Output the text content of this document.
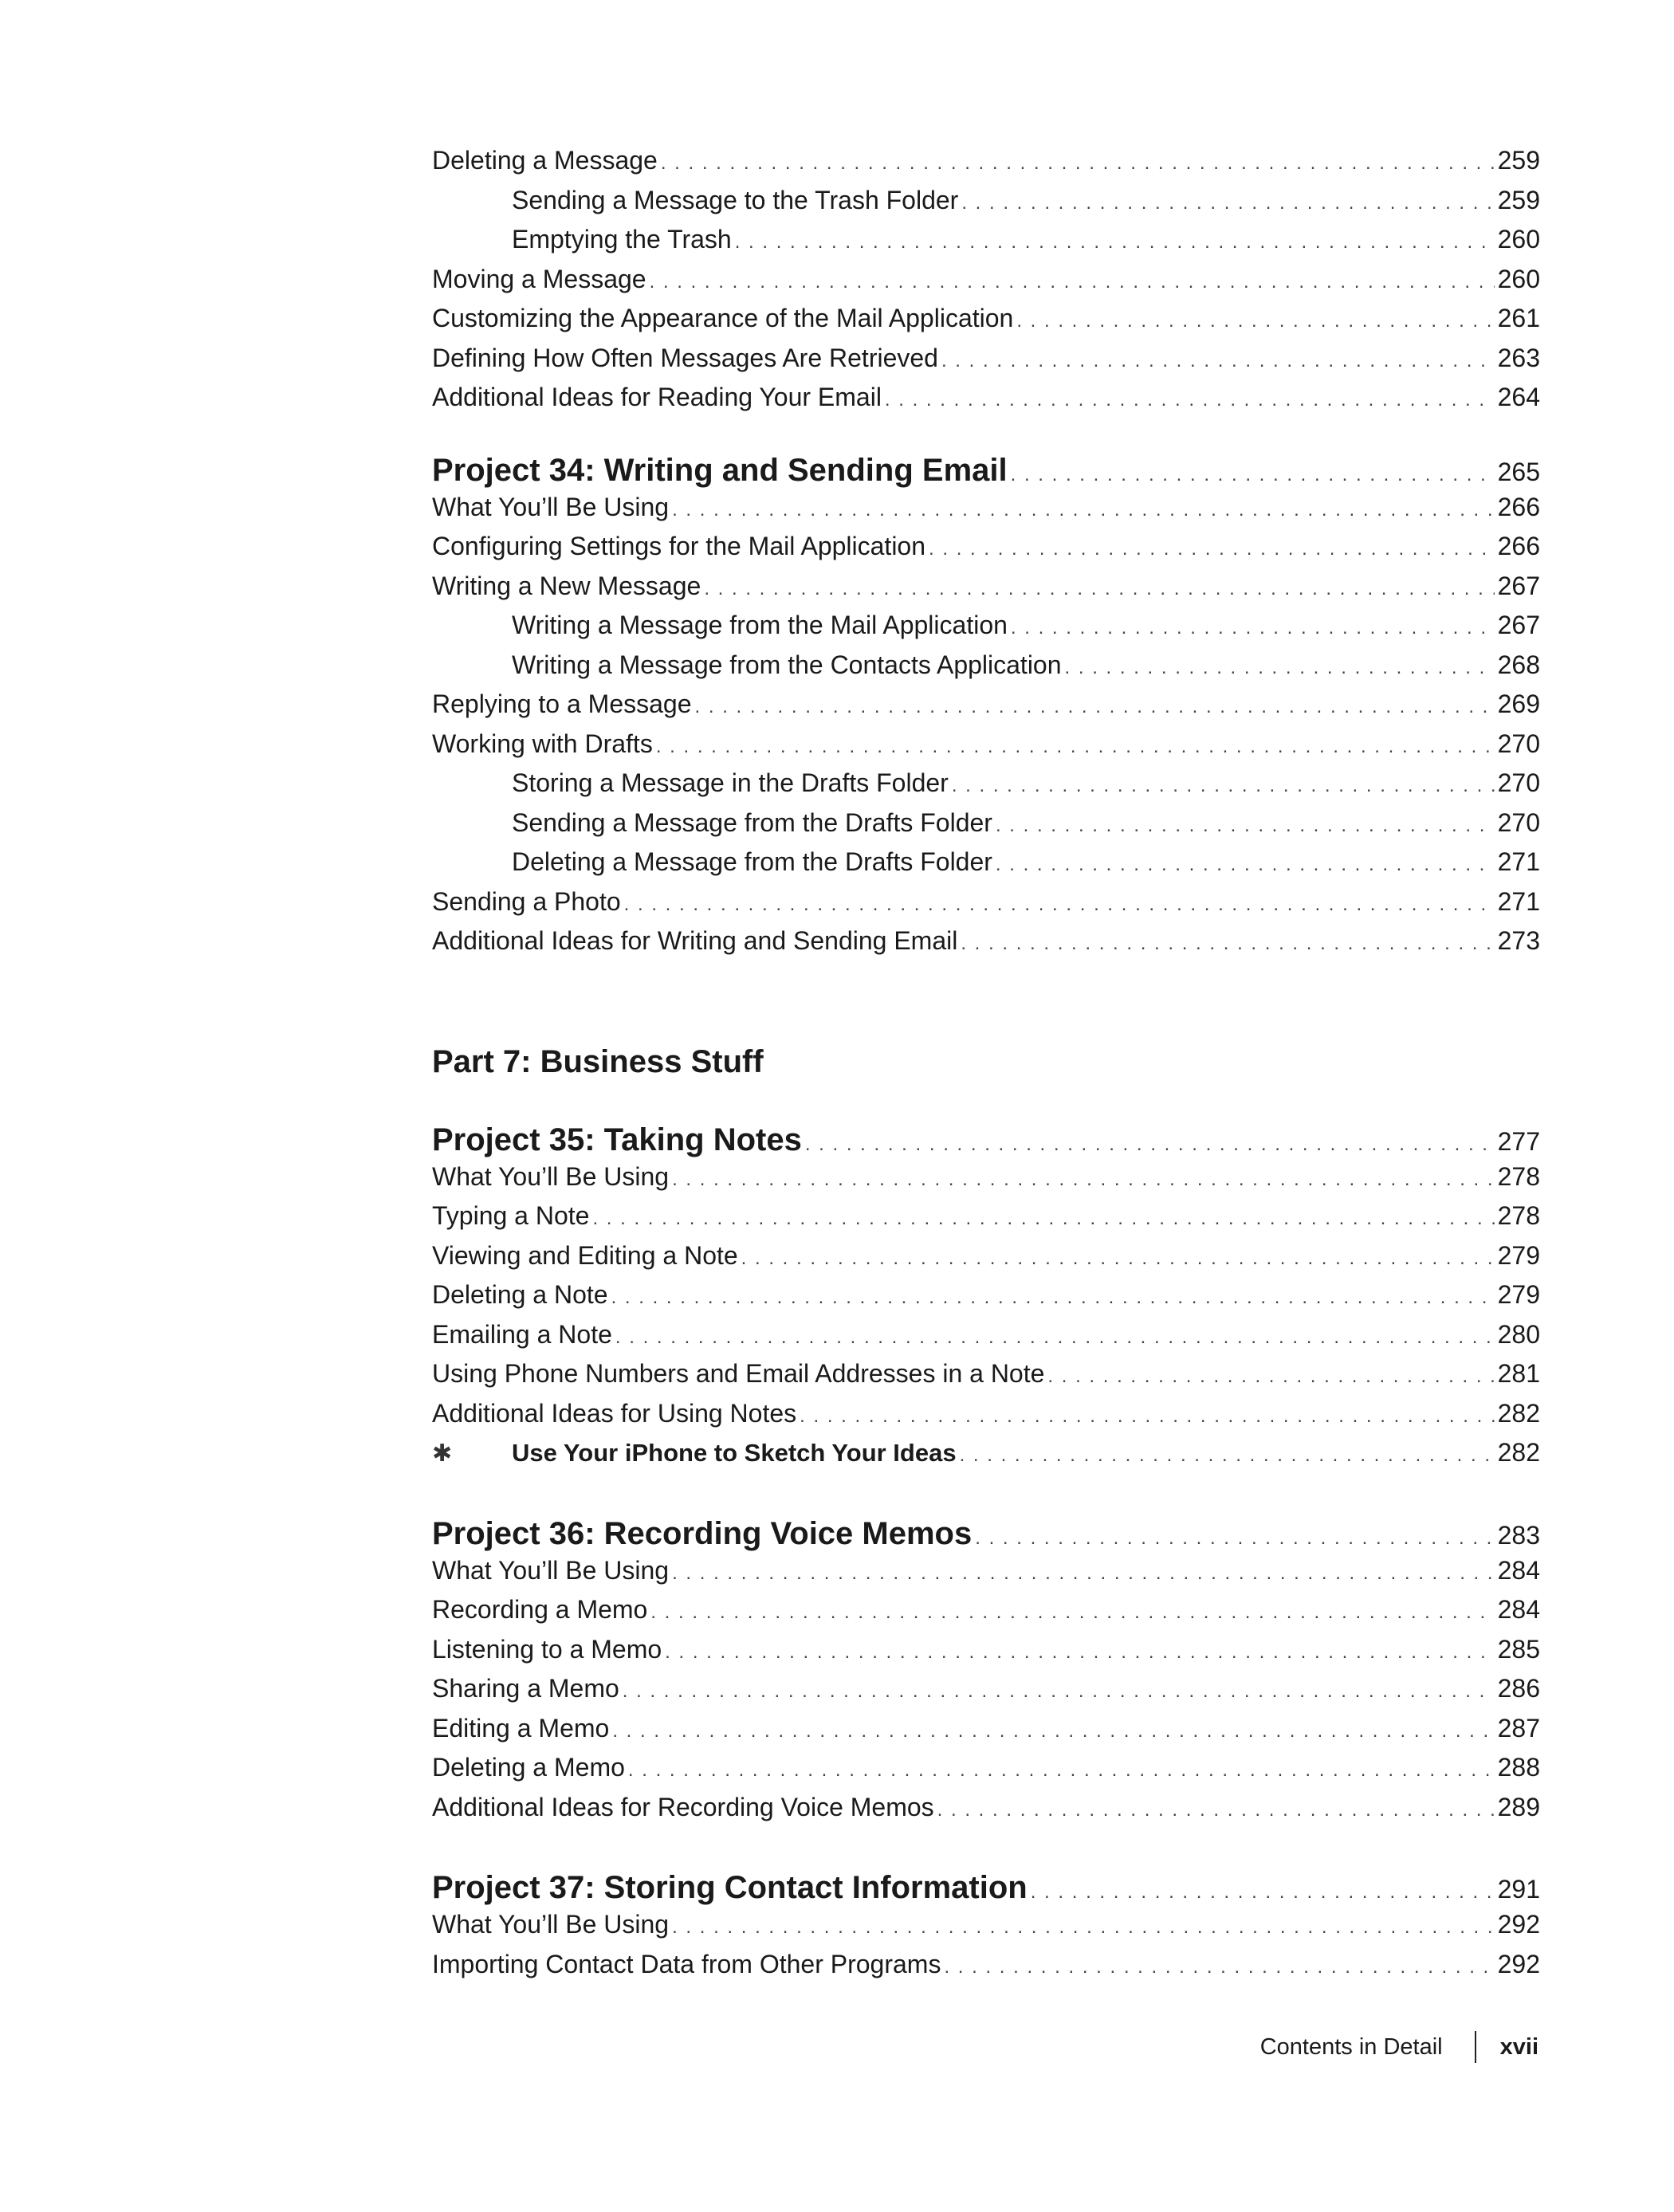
Deleting a Message . . .	259
Sending a Message to the Trash Folder . . .	259
Emptying the Trash . . .	260
Moving a Message . . .	260
Customizing the Appearance of the Mail Application . . .	261
Defining How Often Messages Are Retrieved . . .	263
Additional Ideas for Reading Your Email . . .	264
Project 34: Writing and Sending Email . . .	265
What You’ll Be Using . . .	266
Configuring Settings for the Mail Application . . .	266
Writing a New Message . . .	267
Writing a Message from the Mail Application . . .	267
Writing a Message from the Contacts Application . . .	268
Replying to a Message . . .	269
Working with Drafts . . .	270
Storing a Message in the Drafts Folder . . .	270
Sending a Message from the Drafts Folder . . .	270
Deleting a Message from the Drafts Folder . . .	271
Sending a Photo . . .	271
Additional Ideas for Writing and Sending Email . . .	273
Part 7: Business Stuff
Project 35: Taking Notes . . .	277
What You’ll Be Using . . .	278
Typing a Note . . .	278
Viewing and Editing a Note . . .	279
Deleting a Note . . .	279
Emailing a Note . . .	280
Using Phone Numbers and Email Addresses in a Note . . .	281
Additional Ideas for Using Notes . . .	282
✱	Use Your iPhone to Sketch Your Ideas . . .	282
Project 36: Recording Voice Memos . . .	283
What You’ll Be Using . . .	284
Recording a Memo . . .	284
Listening to a Memo . . .	285
Sharing a Memo . . .	286
Editing a Memo . . .	287
Deleting a Memo . . .	288
Additional Ideas for Recording Voice Memos . . .	289
Project 37: Storing Contact Information . . .	291
What You’ll Be Using . . .	292
Importing Contact Data from Other Programs . . .	292
Contents in Detail xvii
